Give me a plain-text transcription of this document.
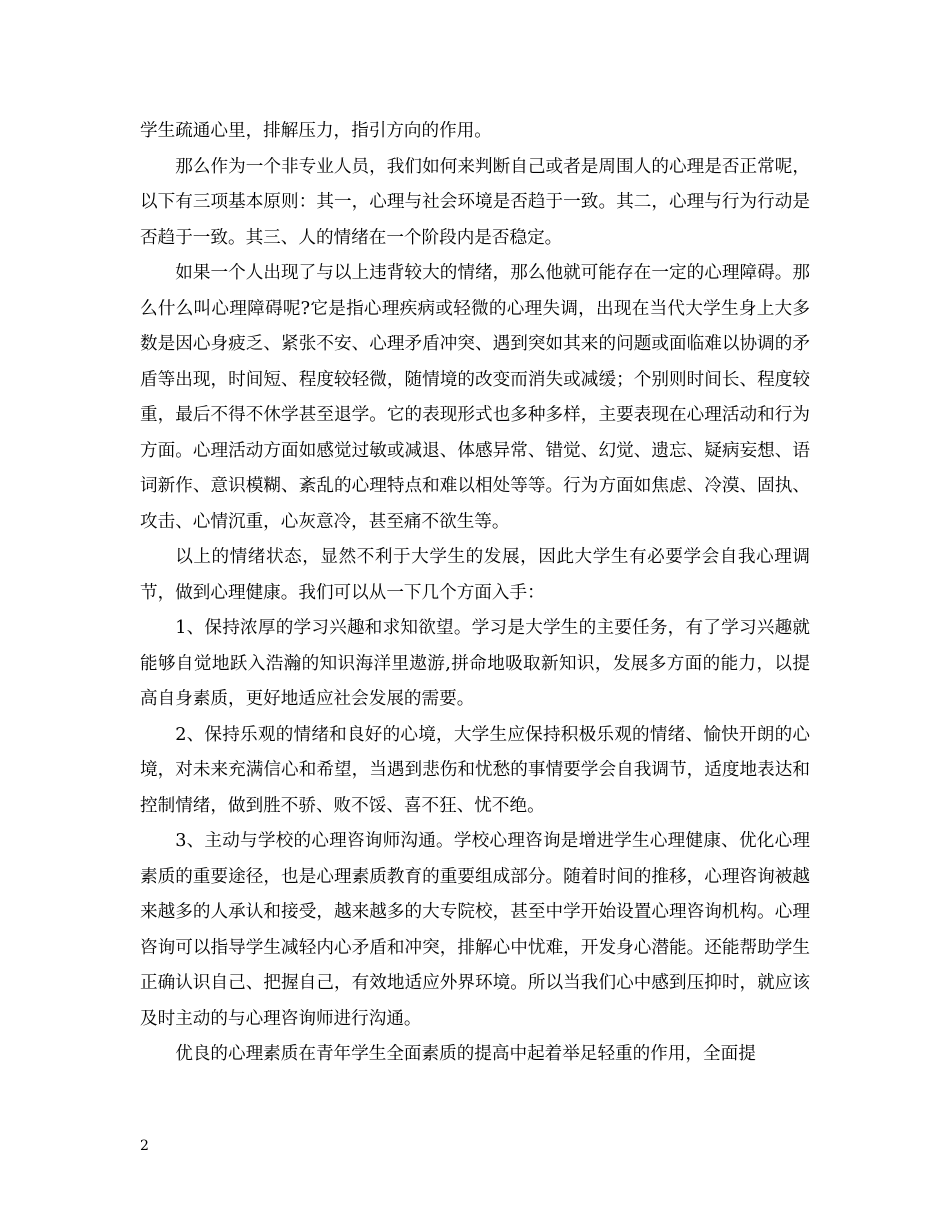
学生疏通心里，排解压力，指引方向的作用。

那么作为一个非专业人员，我们如何来判断自己或者是周围人的心理是否正常呢，以下有三项基本原则：其一，心理与社会环境是否趋于一致。其二，心理与行为行动是否趋于一致。其三、人的情绪在一个阶段内是否稳定。

如果一个人出现了与以上违背较大的情绪，那么他就可能存在一定的心理障碍。那么什么叫心理障碍呢?它是指心理疾病或轻微的心理失调，出现在当代大学生身上大多数是因心身疲乏、紧张不安、心理矛盾冲突、遇到突如其来的问题或面临难以协调的矛盾等出现，时间短、程度较轻微，随情境的改变而消失或减缓；个别则时间长、程度较重，最后不得不休学甚至退学。它的表现形式也多种多样，主要表现在心理活动和行为方面。心理活动方面如感觉过敏或减退、体感异常、错觉、幻觉、遗忘、疑病妄想、语词新作、意识模糊、紊乱的心理特点和难以相处等等。行为方面如焦虑、冷漠、固执、攻击、心情沉重，心灰意冷，甚至痛不欲生等。

以上的情绪状态，显然不利于大学生的发展，因此大学生有必要学会自我心理调节，做到心理健康。我们可以从一下几个方面入手：

1、保持浓厚的学习兴趣和求知欲望。学习是大学生的主要任务，有了学习兴趣就能够自觉地跃入浩瀚的知识海洋里遨游,拼命地吸取新知识，发展多方面的能力，以提高自身素质，更好地适应社会发展的需要。

2、保持乐观的情绪和良好的心境，大学生应保持积极乐观的情绪、愉快开朗的心境，对未来充满信心和希望，当遇到悲伤和忧愁的事情要学会自我调节，适度地表达和控制情绪，做到胜不骄、败不馁、喜不狂、忧不绝。

3、主动与学校的心理咨询师沟通。学校心理咨询是增进学生心理健康、优化心理素质的重要途径，也是心理素质教育的重要组成部分。随着时间的推移，心理咨询被越来越多的人承认和接受，越来越多的大专院校，甚至中学开始设置心理咨询机构。心理咨询可以指导学生减轻内心矛盾和冲突，排解心中忧难，开发身心潜能。还能帮助学生正确认识自己、把握自己，有效地适应外界环境。所以当我们心中感到压抑时，就应该及时主动的与心理咨询师进行沟通。

优良的心理素质在青年学生全面素质的提高中起着举足轻重的作用，全面提

2
